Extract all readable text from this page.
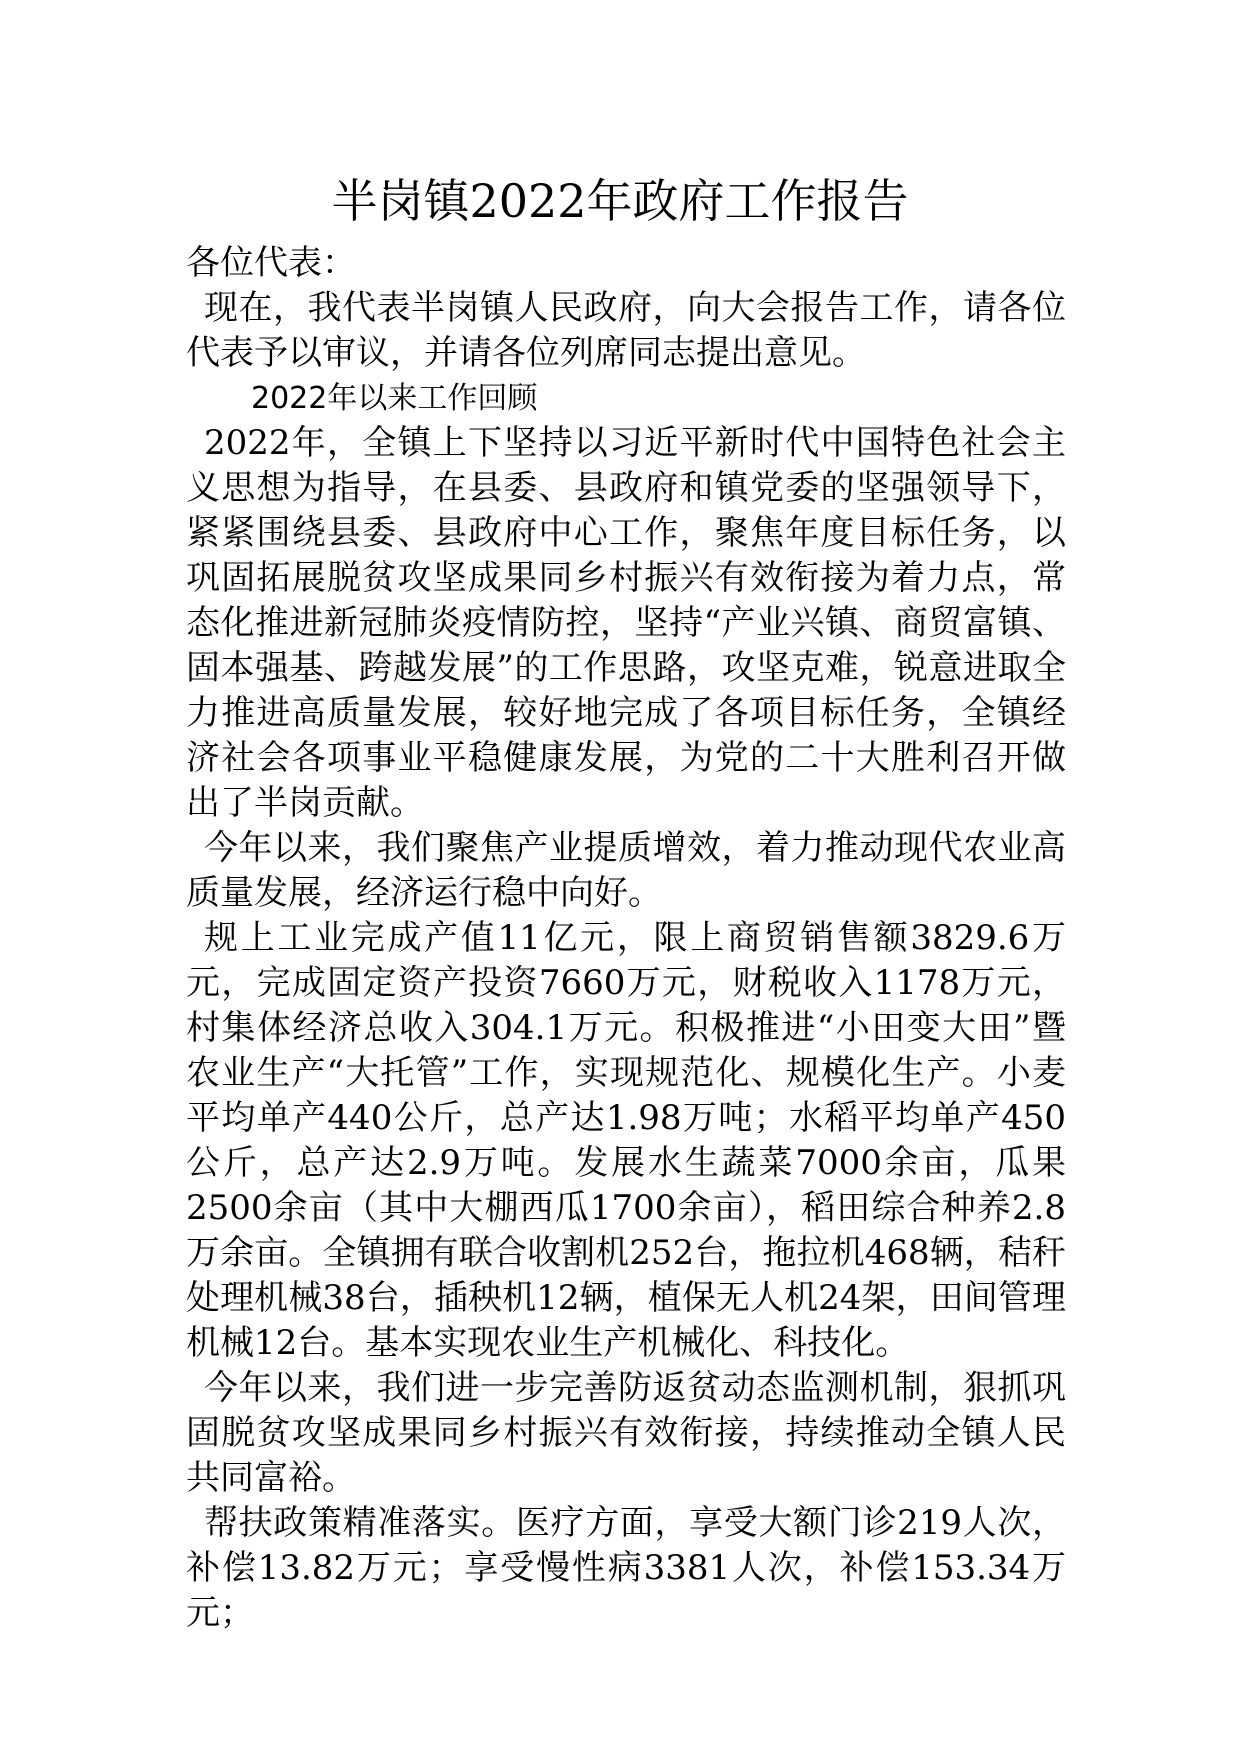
半岗镇2022年政府工作报告

各位代表：

现在，我代表半岗镇人民政府，向大会报告工作，请各位代表予以审议，并请各位列席同志提出意见。

2022年以来工作回顾

2022年，全镇上下坚持以习近平新时代中国特色社会主义思想为指导，在县委、县政府和镇党委的坚强领导下，紧紧围绕县委、县政府中心工作，聚焦年度目标任务，以巩固拓展脱贫攻坚成果同乡村振兴有效衔接为着力点，常态化推进新冠肺炎疫情防控，坚持“产业兴镇、商贸富镇、固本强基、跨越发展”的工作思路，攻坚克难，锐意进取全力推进高质量发展，较好地完成了各项目标任务，全镇经济社会各项事业平稳健康发展，为党的二十大胜利召开做出了半岗贡献。

今年以来，我们聚焦产业提质增效，着力推动现代农业高质量发展，经济运行稳中向好。

规上工业完成产值11亿元，限上商贸销售额3829.6万元，完成固定资产投资7660万元，财税收入1178万元，村集体经济总收入304.1万元。积极推进“小田变大田”暨农业生产“大托管”工作，实现规范化、规模化生产。小麦平均单产440公斤，总产达1.98万吨；水稻平均单产450公斤，总产达2.9万吨。发展水生蔬菜7000余亩，瓜果2500余亩（其中大棚西瓜1700余亩），稻田综合种养2.8万余亩。全镇拥有联合收割机252台，拖拉机468辆，秸秆处理机械38台，插秧机12辆，植保无人机24架，田间管理机械12台。基本实现农业生产机械化、科技化。

今年以来，我们进一步完善防返贫动态监测机制，狠抓巩固脱贫攻坚成果同乡村振兴有效衔接，持续推动全镇人民共同富裕。

帮扶政策精准落实。医疗方面，享受大额门诊219人次，补偿13.82万元；享受慢性病3381人次，补偿153.34万元；
